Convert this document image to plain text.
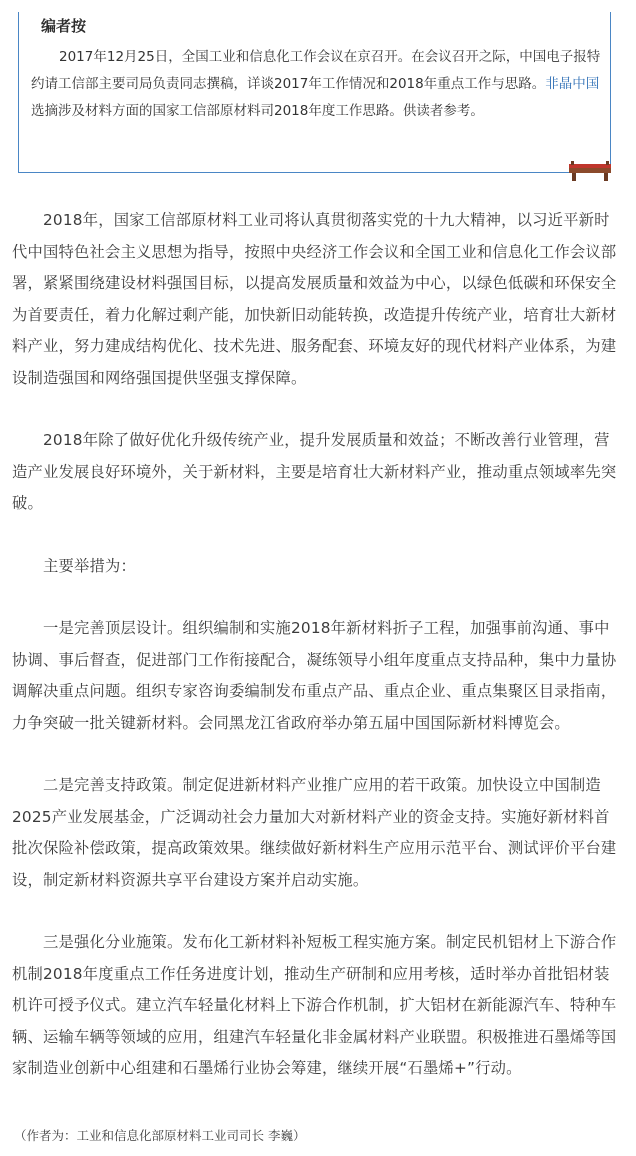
编者按

2017年12月25日，全国工业和信息化工作会议在京召开。在会议召开之际，中国电子报特约请工信部主要司局负责同志撰稿，详谈2017年工作情况和2018年重点工作与思路。非晶中国选摘涉及材料方面的国家工信部原材料司2018年度工作思路。供读者参考。

2018年，国家工信部原材料工业司将认真贯彻落实党的十九大精神，以习近平新时代中国特色社会主义思想为指导，按照中央经济工作会议和全国工业和信息化工作会议部署，紧紧围绕建设材料强国目标，以提高发展质量和效益为中心，以绿色低碳和环保安全为首要责任，着力化解过剩产能，加快新旧动能转换，改造提升传统产业，培育壮大新材料产业，努力建成结构优化、技术先进、服务配套、环境友好的现代材料产业体系，为建设制造强国和网络强国提供坚强支撑保障。

2018年除了做好优化升级传统产业，提升发展质量和效益；不断改善行业管理，营造产业发展良好环境外，关于新材料，主要是培育壮大新材料产业，推动重点领域率先突破。

主要举措为：

一是完善顶层设计。组织编制和实施2018年新材料折子工程，加强事前沟通、事中协调、事后督查，促进部门工作衔接配合，凝练领导小组年度重点支持品种，集中力量协调解决重点问题。组织专家咨询委编制发布重点产品、重点企业、重点集聚区目录指南，力争突破一批关键新材料。会同黑龙江省政府举办第五届中国国际新材料博览会。

二是完善支持政策。制定促进新材料产业推广应用的若干政策。加快设立中国制造2025产业发展基金，广泛调动社会力量加大对新材料产业的资金支持。实施好新材料首批次保险补偿政策，提高政策效果。继续做好新材料生产应用示范平台、测试评价平台建设，制定新材料资源共享平台建设方案并启动实施。

三是强化分业施策。发布化工新材料补短板工程实施方案。制定民机铝材上下游合作机制2018年度重点工作任务进度计划，推动生产研制和应用考核，适时举办首批铝材装机许可授予仪式。建立汽车轻量化材料上下游合作机制，扩大铝材在新能源汽车、特种车辆、运输车辆等领域的应用，组建汽车轻量化非金属材料产业联盟。积极推进石墨烯等国家制造业创新中心组建和石墨烯行业协会筹建，继续开展“石墨烯+”行动。

（作者为：工业和信息化部原材料工业司司长 李巍）
